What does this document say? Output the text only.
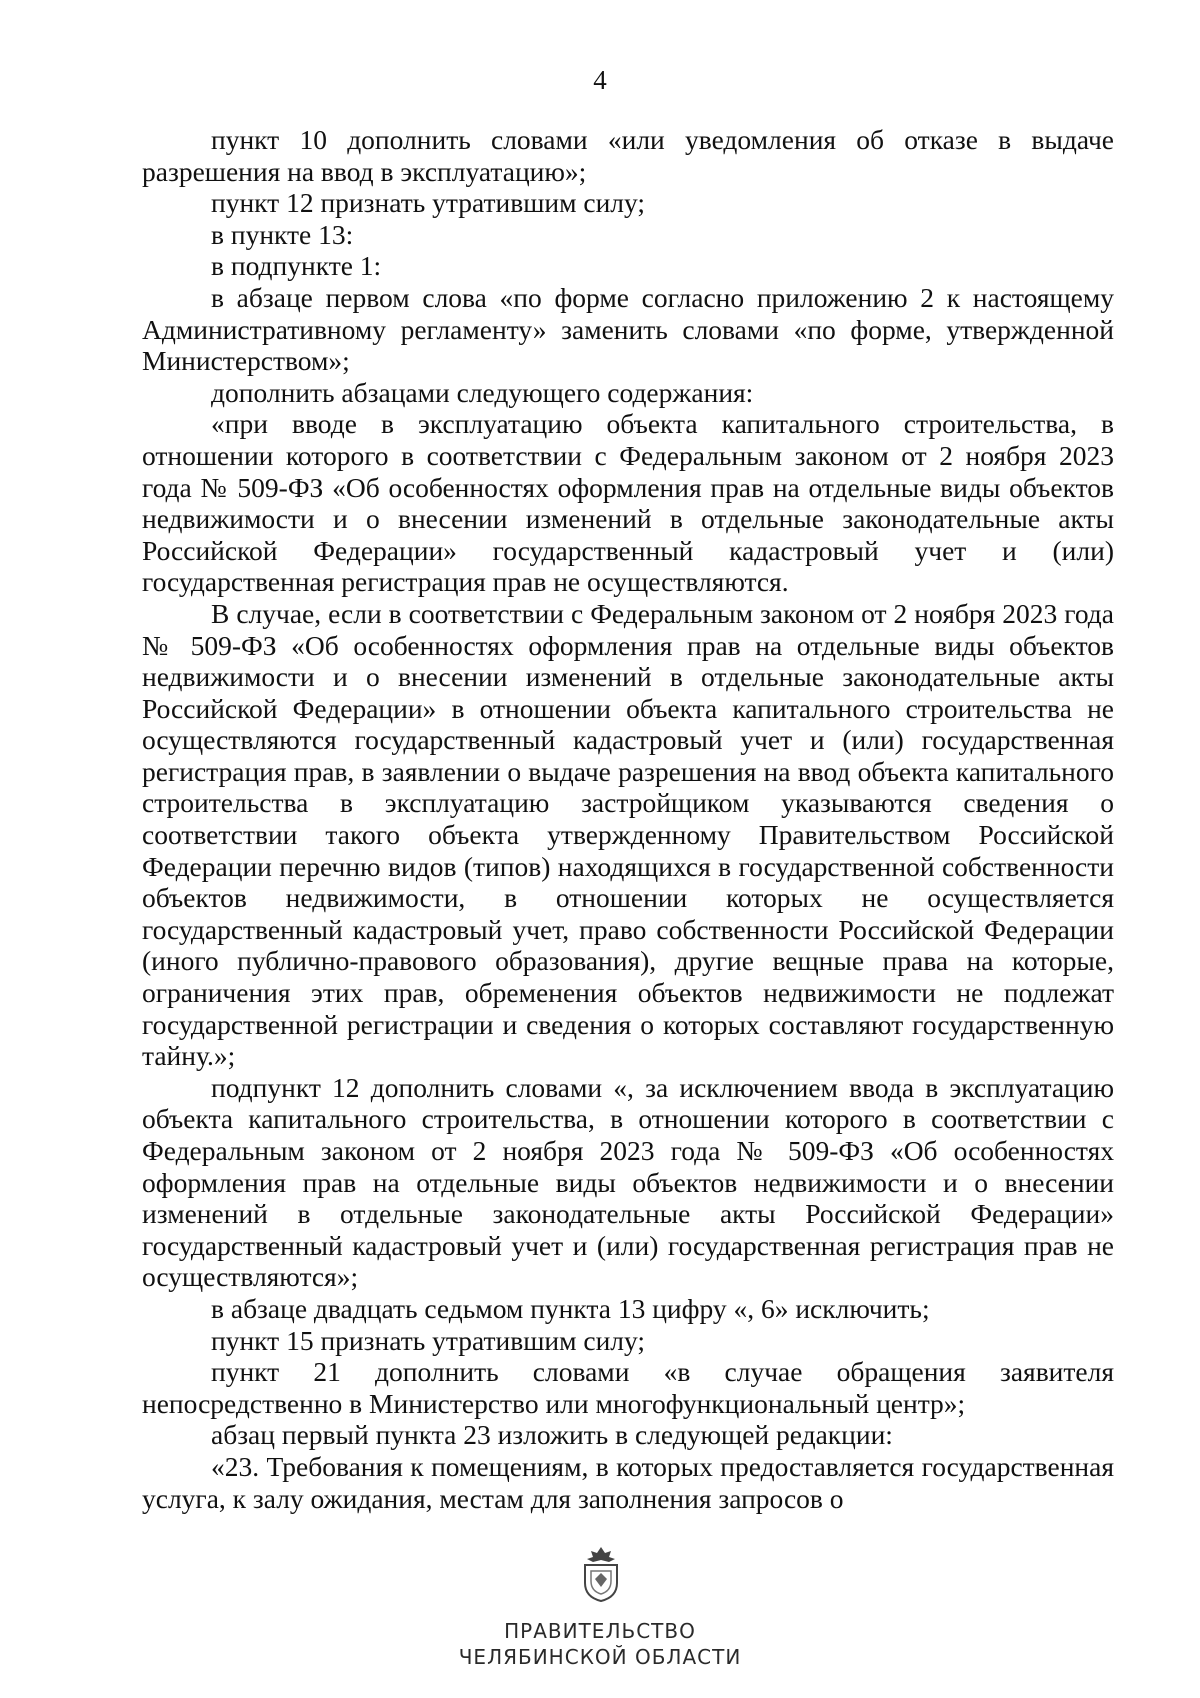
4

пункт 10 дополнить словами «или уведомления об отказе в выдаче разрешения на ввод в эксплуатацию»;

пункт 12 признать утратившим силу;

в пункте 13:

в подпункте 1:

в абзаце первом слова «по форме согласно приложению 2 к настоящему Административному регламенту» заменить словами «по форме, утвержденной Министерством»;

дополнить абзацами следующего содержания:

«при вводе в эксплуатацию объекта капитального строительства, в отношении которого в соответствии с Федеральным законом от 2 ноября 2023 года № 509-ФЗ «Об особенностях оформления прав на отдельные виды объектов недвижимости и о внесении изменений в отдельные законодательные акты Российской Федерации» государственный кадастровый учет и (или) государственная регистрация прав не осуществляются.

В случае, если в соответствии с Федеральным законом от 2 ноября 2023 года № 509-ФЗ «Об особенностях оформления прав на отдельные виды объектов недвижимости и о внесении изменений в отдельные законодательные акты Российской Федерации» в отношении объекта капитального строительства не осуществляются государственный кадастровый учет и (или) государственная регистрация прав, в заявлении о выдаче разрешения на ввод объекта капитального строительства в эксплуатацию застройщиком указываются сведения о соответствии такого объекта утвержденному Правительством Российской Федерации перечню видов (типов) находящихся в государственной собственности объектов недвижимости, в отношении которых не осуществляется государственный кадастровый учет, право собственности Российской Федерации (иного публично-правового образования), другие вещные права на которые, ограничения этих прав, обременения объектов недвижимости не подлежат государственной регистрации и сведения о которых составляют государственную тайну.»;

подпункт 12 дополнить словами «, за исключением ввода в эксплуатацию объекта капитального строительства, в отношении которого в соответствии с Федеральным законом от 2 ноября 2023 года № 509-ФЗ «Об особенностях оформления прав на отдельные виды объектов недвижимости и о внесении изменений в отдельные законодательные акты Российской Федерации» государственный кадастровый учет и (или) государственная регистрация прав не осуществляются»;

в абзаце двадцать седьмом пункта 13 цифру «, 6» исключить;

пункт 15 признать утратившим силу;

пункт 21 дополнить словами «в случае обращения заявителя непосредственно в Министерство или многофункциональный центр»;

абзац первый пункта 23 изложить в следующей редакции:

«23. Требования к помещениям, в которых предоставляется государственная услуга, к залу ожидания, местам для заполнения запросов о

ПРАВИТЕЛЬСТВО
ЧЕЛЯБИНСКОЙ ОБЛАСТИ
